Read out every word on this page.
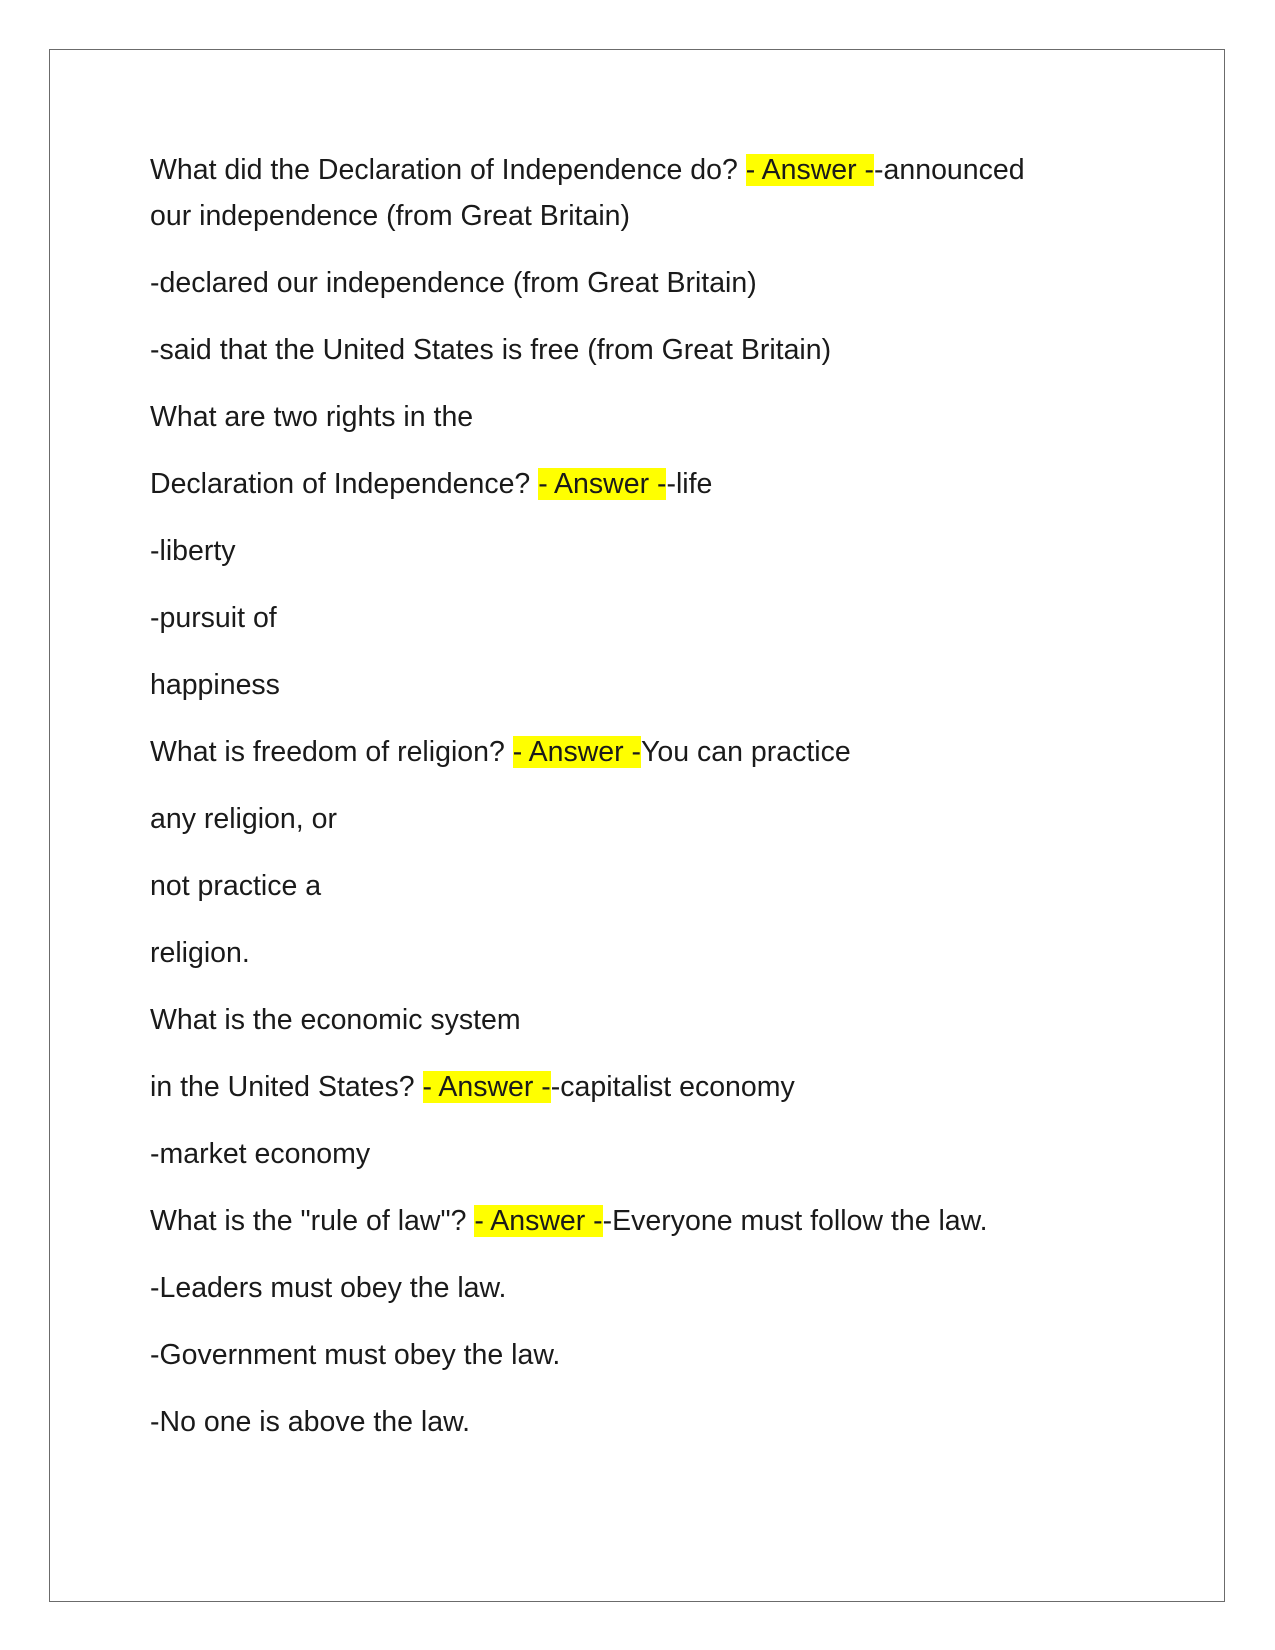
What did the Declaration of Independence do? - Answer --announced
our independence (from Great Britain)
-declared our independence (from Great Britain)
-said that the United States is free (from Great Britain)
What are two rights in the
Declaration of Independence? - Answer --life
-liberty
-pursuit of
happiness
What is freedom of religion? - Answer -You can practice
any religion, or
not practice a
religion.
What is the economic system
in the United States? - Answer --capitalist economy
-market economy
What is the "rule of law"? - Answer --Everyone must follow the law.
-Leaders must obey the law.
-Government must obey the law.
-No one is above the law.
